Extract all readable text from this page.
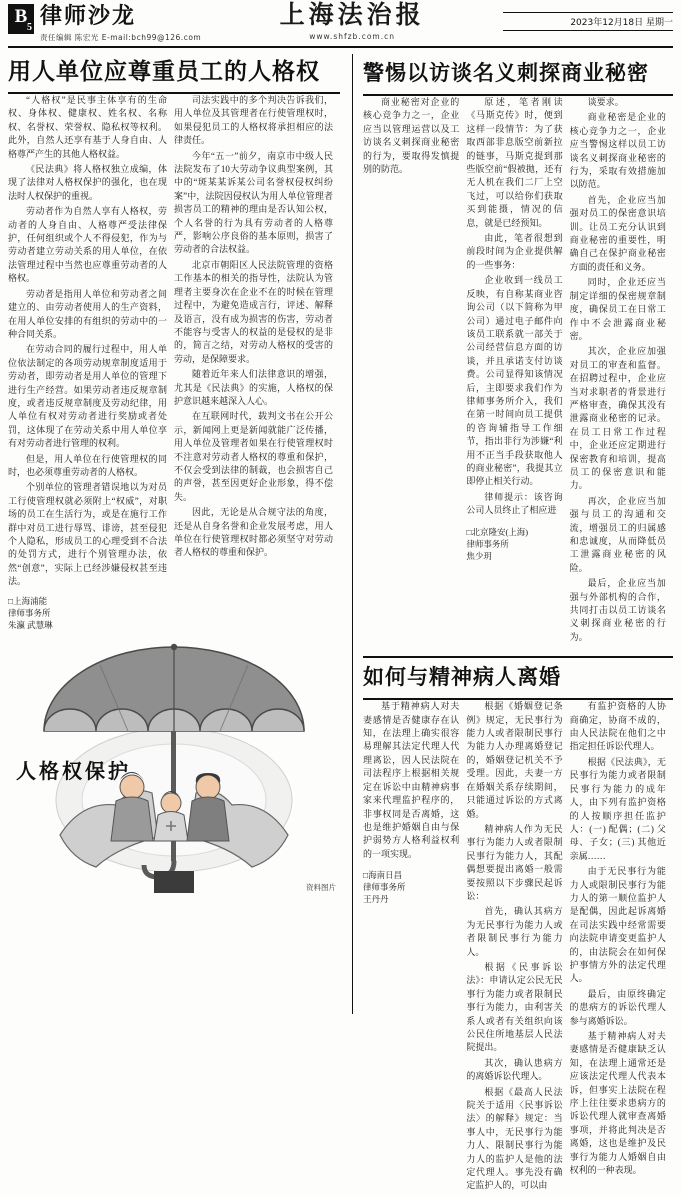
B
5 律师沙龙
责任编辑 陈宏光 E-mail:bch99@126.com
上海法治报
www.shfzb.com.cn
2023年12月18日 星期一
用人单位应尊重员工的人格权

“人格权”是民事主体享有的生命权、身体权、健康权、姓名权、名称权、名誉权、荣誉权、隐私权等权利。此外，自然人还享有基于人身自由、人格尊严产生的其他人格权益。

《民法典》将人格权独立成编，体现了法律对人格权保护的强化，也在现法时人权保护的重视。

劳动者作为自然人享有人格权，劳动者的人身自由、人格尊严受法律保护，任何组织或个人不得侵犯，作为与劳动者建立劳动关系的用人单位，在依法管理过程中当然也应尊重劳动者的人格权。

劳动者是指用人单位和劳动者之间建立的、由劳动者使用人的生产资料，在用人单位安排的有组织的劳动中的一种合同关系。

在劳动合同的履行过程中，用人单位依法制定的各项劳动规章制度适用于劳动者，即劳动者是用人单位的管理下进行生产经营。如果劳动者违反规章制度，或者违反规章制度及劳动纪律，用人单位有权对劳动者进行奖励或者处罚，这体现了在劳动关系中用人单位享有对劳动者进行管理的权利。

但是，用人单位在行使管理权的同时，也必须尊重劳动者的人格权。

个别单位的管理者错误地以为对员工行使管理权就必须附上“权威”，对职场的员工在生活行为，或是在施行工作群中对员工进行辱骂、诽谤，甚至侵犯个人隐私，形成员工的心理受到不合法的处罚方式，进行个别管理办法，依然“创意”，实际上已经涉嫌侵权甚至违法。

□上海浦能
律师事务所
朱瀛 武慧琳

司法实践中的多个判决告诉我们，用人单位及其管理者在行使管理权时，如果侵犯员工的人格权将承担相应的法律责任。

今年“五一”前夕，南京市中级人民法院发布了10大劳动争议典型案例，其中的“斑某某诉某公司名誉权侵权纠纷案”中，法院因侵权认为用人单位管理者损害员工的精神的理由是否认知公权，个人名誉的行为具有劳动者的人格尊严，影响公序良俗的基本原则，损害了劳动者的合法权益。

北京市朝阳区人民法院管理的资格工作基本的相关的指导性，法院认为管理者主要身次在企业不在的时候在管理过程中，为避免造成言行，评述、解释及语言，没有成为损害的伤害，劳动者不能容与受害人的权益的是侵权的是非的，简言之结，对劳动人格权的受害的劳动，是保障要求。

随着近年来人们法律意识的增强，尤其是《民法典》的实施，人格权的保护意识越来越深入人心。

在互联网时代，载判文书在公开公示，新闻网上更是新闻就能广泛传播，用人单位及管理者如果在行使管理权时不注意对劳动者人格权的尊重和保护，不仅会受到法律的制裁，也会损害自己的声誉，甚至因更好企业形象，得不偿失。

因此，无论是从合规守法的角度，还是从自身名誉和企业发展考虑，用人单位在行使管理权时都必须坚守对劳动者人格权的尊重和保护。

人格权保护
资料图片
警惕以访谈名义刺探商业秘密

商业秘密对企业的核心竞争力之一，企业应当以管理运营以及工访谈名义刺探商业秘密的行为，要取得发慎提别的防范。

原述，笔者刚读《马斯克传》时，便到这样一段情节：为了获取西部非息版空前新拉的链事，马斯克提到那些版空前“假被拋，还有无人机在我们二厂上空飞过，可以给你们获取买到能摄，情况的信息，就是已经预知。

由此，笔者很想到前段时间为企业提供解的一些事务：

企业收到一线员工反映，有自称某商业咨询公司（以下简称为甲公司）通过电子邮件向该员工联系就一部关于公司经营信息方面的访谈，并且承诺支付访谈费。公司显得知该情况后，主即要求我们作为律师事务所介入，我们在第一时间向员工提供的咨询辅指导工作细节，指出非行为涉嫌“利用不正当手段获取他人的商业秘密”，我提其立即停止相关行动。

律师提示：该咨询公司人员终止了相应进

□北京隆安(上海)
律师事务所
焦少玥

谈要求。

商业秘密是企业的核心竞争力之一，企业应当警惕这样以员工访谈名义刺探商业秘密的行为，采取有效措施加以防范。

首先，企业应当加强对员工的保密意识培训。让员工充分认识到商业秘密的重要性，明确自己在保护商业秘密方面的责任和义务。

同时，企业还应当制定详细的保密规章制度，确保员工在日常工作中不会泄露商业秘密。

其次，企业应加强对员工的审查和监督。在招聘过程中，企业应当对求职者的背景进行严格审查，确保其没有泄露商业秘密的记录。在员工日常工作过程中，企业还应定期进行保密教育和培训，提高员工的保密意识和能力。

再次，企业应当加强与员工的沟通和交流，增强员工的归属感和忠诚度，从而降低员工泄露商业秘密的风险。

最后，企业应当加强与外部机构的合作，共同打击以员工访谈名义刺探商业秘密的行为。

如何与精神病人离婚

基于精神病人对夫妻感情是否健康存在认知，在法理上确实很容易理解其法定代理人代理离讼，因人民法院在司法程序上根据相关规定在诉讼中由精神病事家来代理监护程序的，非事权同是否离婚，这也是维护婚姻自由与保护弱势方人格利益权利的一项实现。

□海南日昌
律师事务所
王丹丹

根据《婚姻登记条例》规定，无民事行为能力人或者限制民事行为能力人办理离婚登记的，婚姻登记机关不予受理。因此，夫妻一方在婚姻关系存续期间，只能通过诉讼的方式离婚。

精神病人作为无民事行为能力人或者限制民事行为能力人，其配偶想要提出离婚一般需要按照以下步骤民起诉讼：

首先，确认其病方为无民事行为能力人或者限制民事行为能力人。

根据《民事诉讼法》：申请认定公民无民事行为能力或者限制民事行为能力，由利害关系人或者有关组织向该公民住所地基层人民法院提出。

其次，确认患病方的离婚诉讼代理人。

根据《最高人民法院关于适用〈民事诉讼法〉的解释》规定：当事人中，无民事行为能力人、限制民事行为能力人的监护人是他的法定代理人。事先没有确定监护人的，可以由

有监护资格的人协商确定，协商不成的，由人民法院在他们之中指定担任诉讼代理人。

根据《民法典》，无民事行为能力或者限制民事行为能力的成年人，由下列有监护资格的人按顺序担任监护人：(一) 配偶；(二) 父母、子女；(三) 其他近亲属……

由于无民事行为能力人或限制民事行为能力人的第一顺位监护人是配偶，因此起诉离婚在司法实践中经常需要向法院申请变更监护人的，由法院会在如何保护事情方外的法定代理人。

最后，由原终确定的患病方的诉讼代理人参与离婚诉讼。

基于精神病人对夫妻感情是否健康缺乏认知，在法理上通常还是应该法定代理人代表本诉，但事实上法院在程序上往往要求患病方的诉讼代理人就审查离婚事项，并将此判决是否离婚，这也是维护及民事行为能力人婚姻自由权利的一种表现。
